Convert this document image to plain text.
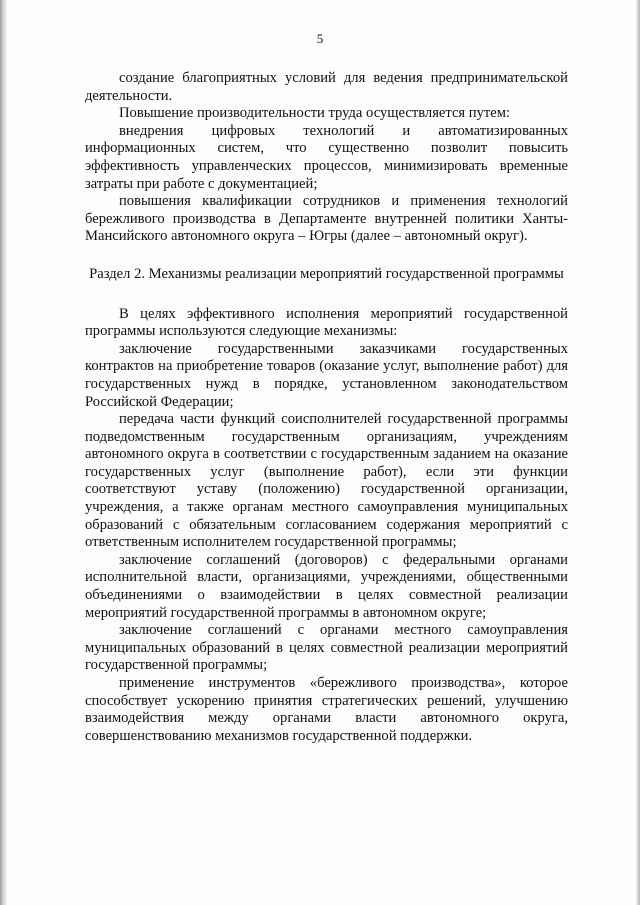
5

создание благоприятных условий для ведения предпринимательской деятельности.

Повышение производительности труда осуществляется путем:

внедрения цифровых технологий и автоматизированных информационных систем, что существенно позволит повысить эффективность управленческих процессов, минимизировать временные затраты при работе с документацией;

повышения квалификации сотрудников и применения технологий бережливого производства в Департаменте внутренней политики Ханты-Мансийского автономного округа – Югры (далее – автономный округ).

Раздел 2. Механизмы реализации мероприятий государственной программы

В целях эффективного исполнения мероприятий государственной программы используются следующие механизмы:

заключение государственными заказчиками государственных контрактов на приобретение товаров (оказание услуг, выполнение работ) для государственных нужд в порядке, установленном законодательством Российской Федерации;

передача части функций соисполнителей государственной программы подведомственным государственным организациям, учреждениям автономного округа в соответствии с государственным заданием на оказание государственных услуг (выполнение работ), если эти функции соответствуют уставу (положению) государственной организации, учреждения, а также органам местного самоуправления муниципальных образований с обязательным согласованием содержания мероприятий с ответственным исполнителем государственной программы;

заключение соглашений (договоров) с федеральными органами исполнительной власти, организациями, учреждениями, общественными объединениями о взаимодействии в целях совместной реализации мероприятий государственной программы в автономном округе;

заключение соглашений с органами местного самоуправления муниципальных образований в целях совместной реализации мероприятий государственной программы;

применение инструментов «бережливого производства», которое способствует ускорению принятия стратегических решений, улучшению взаимодействия между органами власти автономного округа, совершенствованию механизмов государственной поддержки.
